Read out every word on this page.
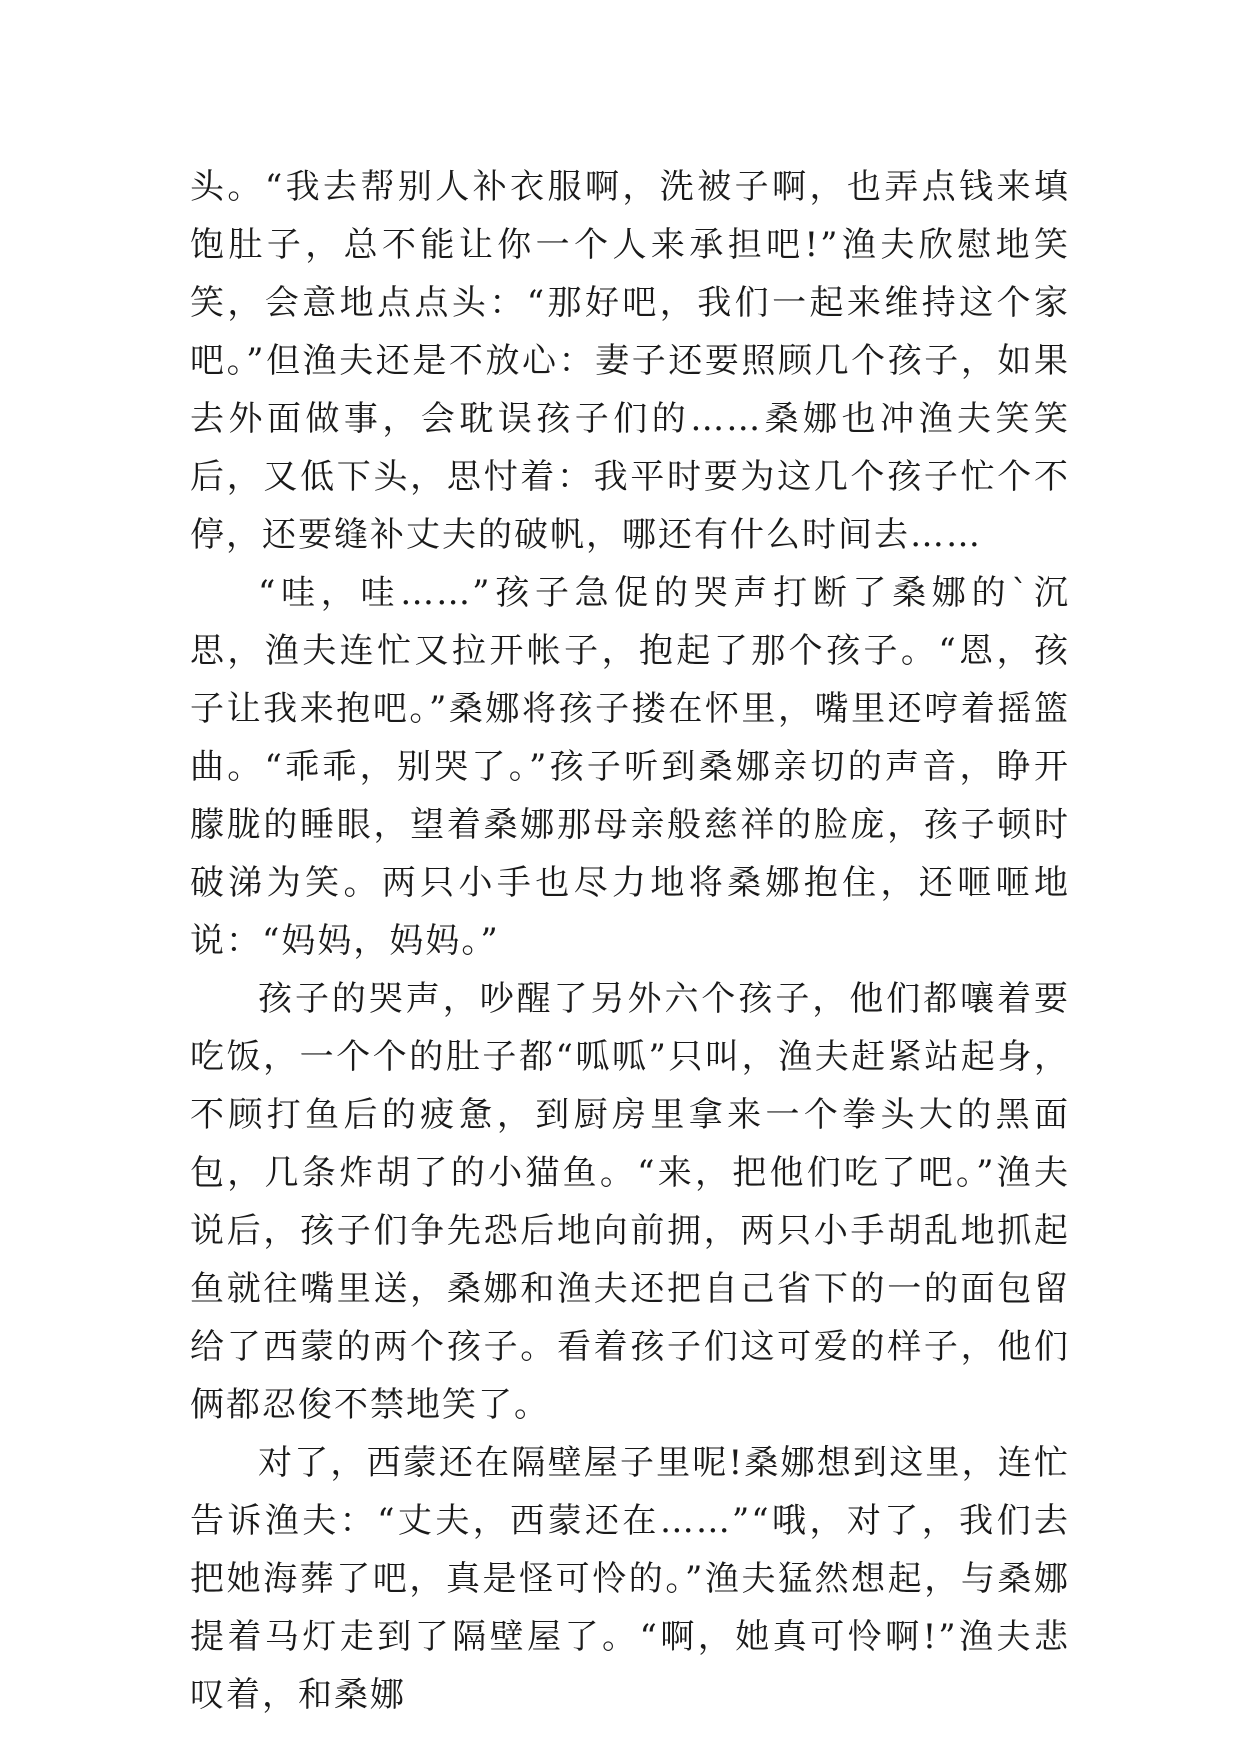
头。“我去帮别人补衣服啊，洗被子啊，也弄点钱来填饱肚子，总不能让你一个人来承担吧!”渔夫欣慰地笑笑，会意地点点头：“那好吧，我们一起来维持这个家吧。”但渔夫还是不放心：妻子还要照顾几个孩子，如果去外面做事，会耽误孩子们的……桑娜也冲渔夫笑笑后，又低下头，思忖着：我平时要为这几个孩子忙个不停，还要缝补丈夫的破帆，哪还有什么时间去……

“哇，哇……”孩子急促的哭声打断了桑娜的`沉思，渔夫连忙又拉开帐子，抱起了那个孩子。“恩，孩子让我来抱吧。”桑娜将孩子搂在怀里，嘴里还哼着摇篮曲。“乖乖，别哭了。”孩子听到桑娜亲切的声音，睁开朦胧的睡眼，望着桑娜那母亲般慈祥的脸庞，孩子顿时破涕为笑。两只小手也尽力地将桑娜抱住，还咂咂地说：“妈妈，妈妈。”

孩子的哭声，吵醒了另外六个孩子，他们都嚷着要吃饭，一个个的肚子都“呱呱”只叫，渔夫赶紧站起身，不顾打鱼后的疲惫，到厨房里拿来一个拳头大的黑面包，几条炸胡了的小猫鱼。“来，把他们吃了吧。”渔夫说后，孩子们争先恐后地向前拥，两只小手胡乱地抓起鱼就往嘴里送，桑娜和渔夫还把自己省下的一的面包留给了西蒙的两个孩子。看着孩子们这可爱的样子，他们俩都忍俊不禁地笑了。

对了，西蒙还在隔壁屋子里呢!桑娜想到这里，连忙告诉渔夫：“丈夫，西蒙还在……”“哦，对了，我们去把她海葬了吧，真是怪可怜的。”渔夫猛然想起，与桑娜提着马灯走到了隔壁屋了。“啊，她真可怜啊!”渔夫悲叹着，和桑娜
